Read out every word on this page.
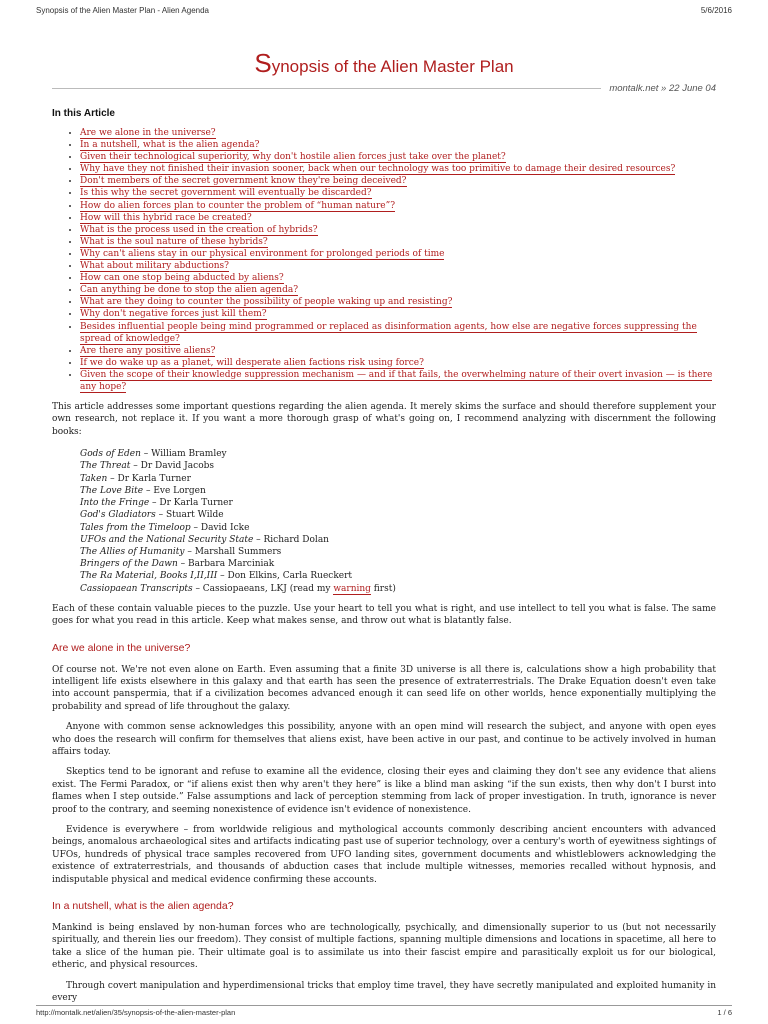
Synopsis of the Alien Master Plan - Alien Agenda	5/6/2016
Synopsis of the Alien Master Plan
montalk.net » 22 June 04
In this Article
• Are we alone in the universe?
• In a nutshell, what is the alien agenda?
• Given their technological superiority, why don't hostile alien forces just take over the planet?
• Why have they not finished their invasion sooner, back when our technology was too primitive to damage their desired resources?
• Don't members of the secret government know they're being deceived?
• Is this why the secret government will eventually be discarded?
• How do alien forces plan to counter the problem of “human nature”?
• How will this hybrid race be created?
• What is the process used in the creation of hybrids?
• What is the soul nature of these hybrids?
• Why can't aliens stay in our physical environment for prolonged periods of time
• What about military abductions?
• How can one stop being abducted by aliens?
• Can anything be done to stop the alien agenda?
• What are they doing to counter the possibility of people waking up and resisting?
• Why don't negative forces just kill them?
• Besides influential people being mind programmed or replaced as disinformation agents, how else are negative forces suppressing the spread of knowledge?
• Are there any positive aliens?
• If we do wake up as a planet, will desperate alien factions risk using force?
• Given the scope of their knowledge suppression mechanism — and if that fails, the overwhelming nature of their overt invasion — is there any hope?

This article addresses some important questions regarding the alien agenda. It merely skims the surface and should therefore supplement your own research, not replace it. If you want a more thorough grasp of what's going on, I recommend analyzing with discernment the following books:

Gods of Eden – William Bramley
The Threat – Dr David Jacobs
Taken – Dr Karla Turner
The Love Bite – Eve Lorgen
Into the Fringe – Dr Karla Turner
God's Gladiators – Stuart Wilde
Tales from the Timeloop – David Icke
UFOs and the National Security State – Richard Dolan
The Allies of Humanity – Marshall Summers
Bringers of the Dawn – Barbara Marciniak
The Ra Material, Books I,II,III – Don Elkins, Carla Rueckert
Cassiopaean Transcripts – Cassiopaeans, LKJ (read my warning first)

Each of these contain valuable pieces to the puzzle. Use your heart to tell you what is right, and use intellect to tell you what is false. The same goes for what you read in this article. Keep what makes sense, and throw out what is blatantly false.

Are we alone in the universe?

Of course not. We're not even alone on Earth. Even assuming that a finite 3D universe is all there is, calculations show a high probability that intelligent life exists elsewhere in this galaxy and that earth has seen the presence of extraterrestrials. The Drake Equation doesn't even take into account panspermia, that if a civilization becomes advanced enough it can seed life on other worlds, hence exponentially multiplying the probability and spread of life throughout the galaxy.

Anyone with common sense acknowledges this possibility, anyone with an open mind will research the subject, and anyone with open eyes who does the research will confirm for themselves that aliens exist, have been active in our past, and continue to be actively involved in human affairs today.

Skeptics tend to be ignorant and refuse to examine all the evidence, closing their eyes and claiming they don't see any evidence that aliens exist. The Fermi Paradox, or “if aliens exist then why aren't they here” is like a blind man asking “if the sun exists, then why don't I burst into flames when I step outside.” False assumptions and lack of perception stemming from lack of proper investigation. In truth, ignorance is never proof to the contrary, and seeming nonexistence of evidence isn't evidence of nonexistence.

Evidence is everywhere – from worldwide religious and mythological accounts commonly describing ancient encounters with advanced beings, anomalous archaeological sites and artifacts indicating past use of superior technology, over a century's worth of eyewitness sightings of UFOs, hundreds of physical trace samples recovered from UFO landing sites, government documents and whistleblowers acknowledging the existence of extraterrestrials, and thousands of abduction cases that include multiple witnesses, memories recalled without hypnosis, and indisputable physical and medical evidence confirming these accounts.

In a nutshell, what is the alien agenda?

Mankind is being enslaved by non-human forces who are technologically, psychically, and dimensionally superior to us (but not necessarily spiritually, and therein lies our freedom). They consist of multiple factions, spanning multiple dimensions and locations in spacetime, all here to take a slice of the human pie. Their ultimate goal is to assimilate us into their fascist empire and parasitically exploit us for our biological, etheric, and physical resources.

Through covert manipulation and hyperdimensional tricks that employ time travel, they have secretly manipulated and exploited humanity in every

http://montalk.net/alien/35/synopsis-of-the-alien-master-plan	1 / 6
